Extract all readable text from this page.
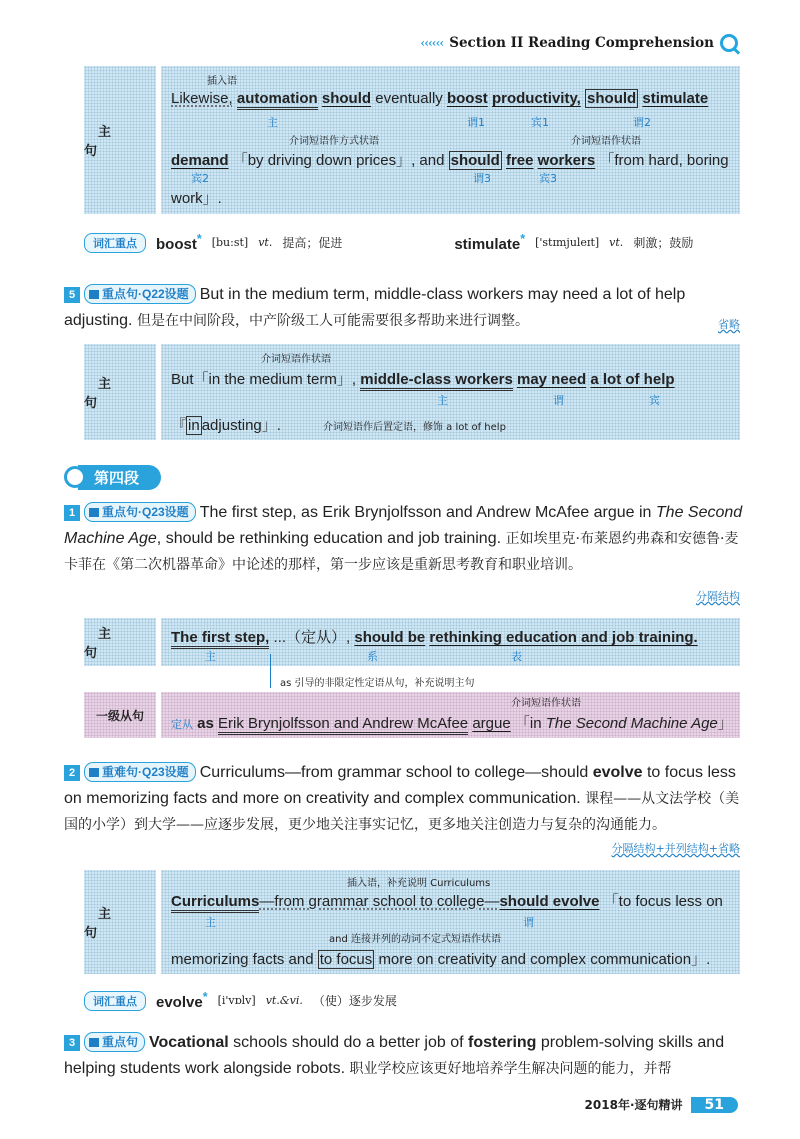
‹‹‹‹‹‹ Section II Reading Comprehension
主 句
插入语
Likewise, automation should eventually boost productivity, should stimulate
主	谓1	宾1	谓2
介词短语作方式状语	介词短语作状语
demand 「by driving down prices」, and should free workers 「from hard, boring
宾2	谓3	宾3
work」.
词汇重点	boost* [bu:st] vt. 提高；促进	stimulate* ['stɪmjuleɪt] vt. 刺激；鼓励
5 重点句·Q22设题 But in the medium term, middle-class workers may need a lot of help adjusting. 但是在中间阶段，中产阶级工人可能需要很多帮助来进行调整。	省略
主 句
介词短语作状语
But「in the medium term」, middle-class workers may need a lot of help
主	谓	宾
『 in adjusting」.	介词短语作后置定语，修饰 a lot of help
第四段
1 重点句·Q23设题 The first step, as Erik Brynjolfsson and Andrew McAfee argue in The Second Machine Age, should be rethinking education and job training. 正如埃里克·布莱恩约弗森和安德鲁·麦卡菲在《第二次机器革命》中论述的那样，第一步应该是重新思考教育和职业培训。
分隔结构
主 句
The first step, ...（定从）, should be rethinking education and job training.
主	系	表
as 引导的非限定性定语从句，补充说明主句
一级从句
介词短语作状语
定从 as Erik Brynjolfsson and Andrew McAfee argue 「in The Second Machine Age」
2 重难句·Q23设题 Curriculums—from grammar school to college—should evolve to focus less on memorizing facts and more on creativity and complex communication. 课程——从文法学校（美国的小学）到大学——应逐步发展，更少地关注事实记忆，更多地关注创造力与复杂的沟通能力。
分隔结构+并列结构+省略
主 句
插入语，补充说明 Curriculums
Curriculums—from grammar school to college—should evolve 「to focus less on
主	谓
and 连接并列的动词不定式短语作状语
memorizing facts and to focus more on creativity and complex communication」.
词汇重点	evolve* [i'vɒlv] vt.&vi. （使）逐步发展
3 重点句 Vocational schools should do a better job of fostering problem-solving skills and helping students work alongside robots. 职业学校应该更好地培养学生解决问题的能力，并帮
2018年·逐句精讲	51
